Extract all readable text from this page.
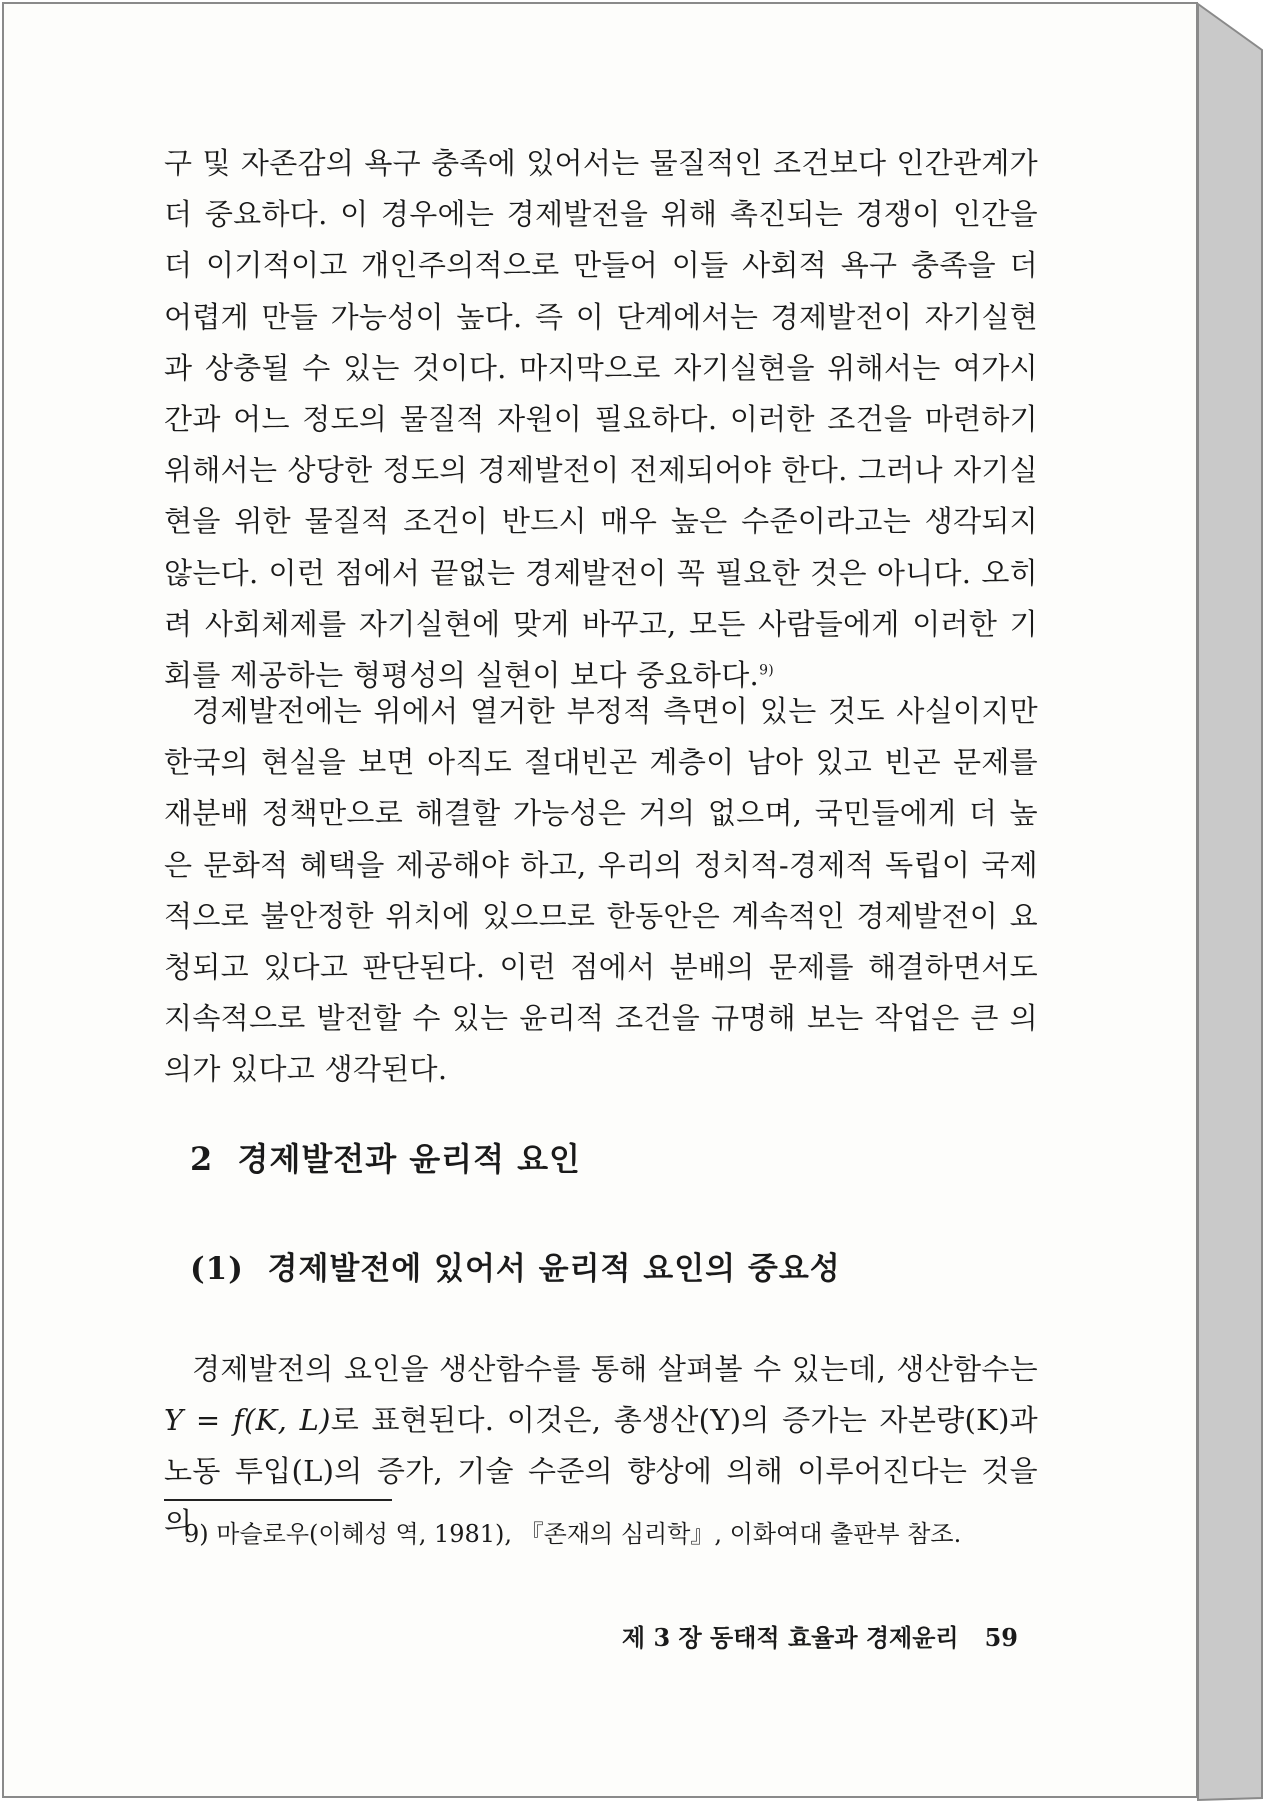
구 및 자존감의 욕구 충족에 있어서는 물질적인 조건보다 인간관계가 더 중요하다. 이 경우에는 경제발전을 위해 촉진되는 경쟁이 인간을 더 이기적이고 개인주의적으로 만들어 이들 사회적 욕구 충족을 더 어렵게 만들 가능성이 높다. 즉 이 단계에서는 경제발전이 자기실현과 상충될 수 있는 것이다. 마지막으로 자기실현을 위해서는 여가시간과 어느 정도의 물질적 자원이 필요하다. 이러한 조건을 마련하기 위해서는 상당한 정도의 경제발전이 전제되어야 한다. 그러나 자기실현을 위한 물질적 조건이 반드시 매우 높은 수준이라고는 생각되지 않는다. 이런 점에서 끝없는 경제발전이 꼭 필요한 것은 아니다. 오히려 사회체제를 자기실현에 맞게 바꾸고, 모든 사람들에게 이러한 기회를 제공하는 형평성의 실현이 보다 중요하다.$^{9)}$

경제발전에는 위에서 열거한 부정적 측면이 있는 것도 사실이지만 한국의 현실을 보면 아직도 절대빈곤 계층이 남아 있고 빈곤 문제를 재분배 정책만으로 해결할 가능성은 거의 없으며, 국민들에게 더 높은 문화적 혜택을 제공해야 하고, 우리의 정치적-경제적 독립이 국제적으로 불안정한 위치에 있으므로 한동안은 계속적인 경제발전이 요청되고 있다고 판단된다. 이런 점에서 분배의 문제를 해결하면서도 지속적으로 발전할 수 있는 윤리적 조건을 규명해 보는 작업은 큰 의의가 있다고 생각된다.

2 경제발전과 윤리적 요인
(1) 경제발전에 있어서 윤리적 요인의 중요성

경제발전의 요인을 생산함수를 통해 살펴볼 수 있는데, 생산함수는 Y = f(K, L)로 표현된다. 이것은, 총생산(Y)의 증가는 자본량(K)과 노동 투입(L)의 증가, 기술 수준의 향상에 의해 이루어진다는 것을 의

9) 마슬로우(이혜성 역, 1981), 『존재의 심리학』, 이화여대 출판부 참조.

제 3 장 동태적 효율과 경제윤리 59
